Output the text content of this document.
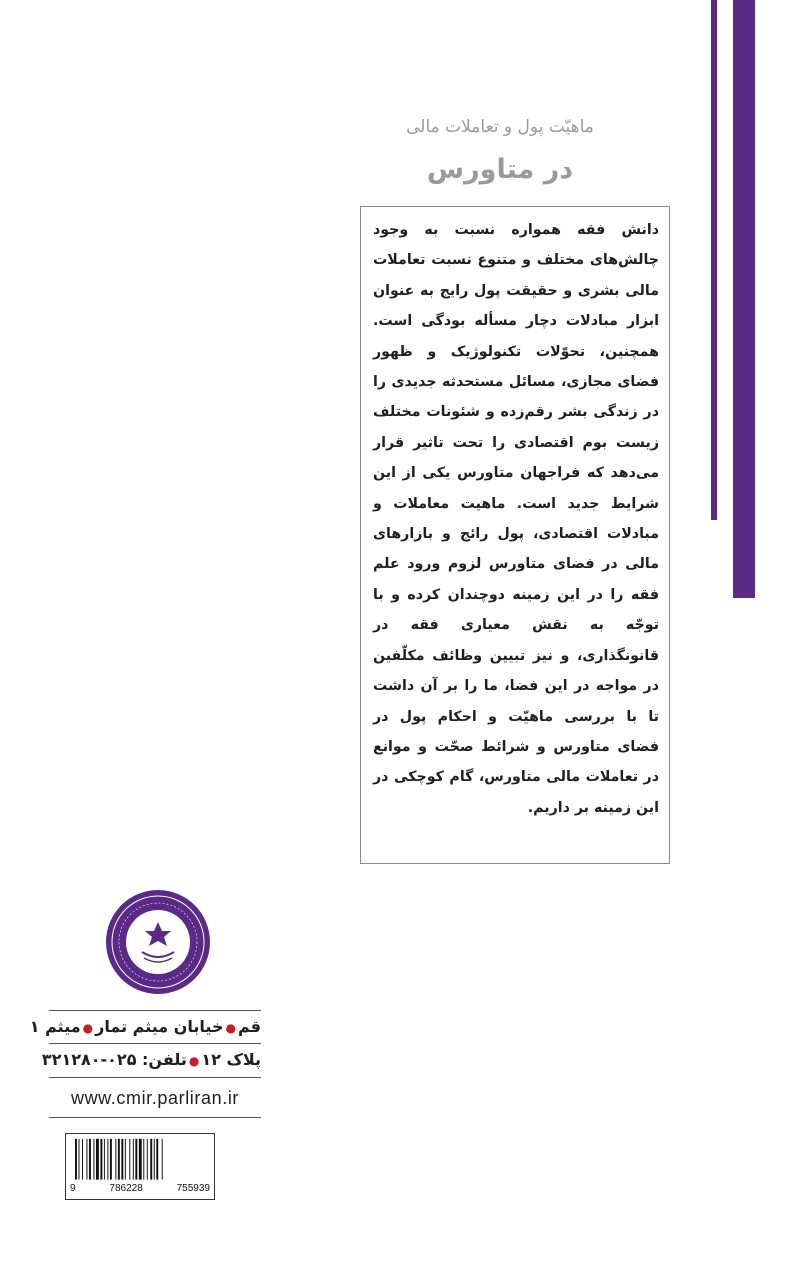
ماهیّت پول و تعاملات مالی
در متاورس

دانش فقه همواره نسبت به وجود چالش‌های مختلف و متنوع نسبت تعاملات مالی بشری و حقیقت پول رایج به عنوان ابزار مبادلات دچار مسأله بودگی است. همچنین، تحوّلات تکنولوژیک و ظهور فضای مجازی، مسائل مستحدثه جدیدی را در زندگی بشر رقم‌زده و شئونات مختلف زیست بوم اقتصادی را تحت تاثیر قرار می‌دهد که فراجهان متاورس یکی از این شرایط جدید است. ماهیت معاملات و مبادلات اقتصادی، پول رائج و بازارهای مالی در فضای متاورس لزوم ورود علم فقه را در این زمینه دوچندان کرده و با توجّه به نقش معیاری فقه در قانونگذاری، و نیز تبیین وظائف مکلّفین در مواجه در این فضا، ما را بر آن داشت تا با بررسی ماهیّت و احکام پول در فضای متاورس و شرائط صحّت و موانع در تعاملات مالی متاورس، گام کوچکی در این زمینه بر داریم.

قم●خیابان میثم تمار●میثم ۱
پلاک ۱۲●تلفن: ۰۲۵-۳۲۱۲۸۰
www.cmir.parliran.ir
9	786228	755939
